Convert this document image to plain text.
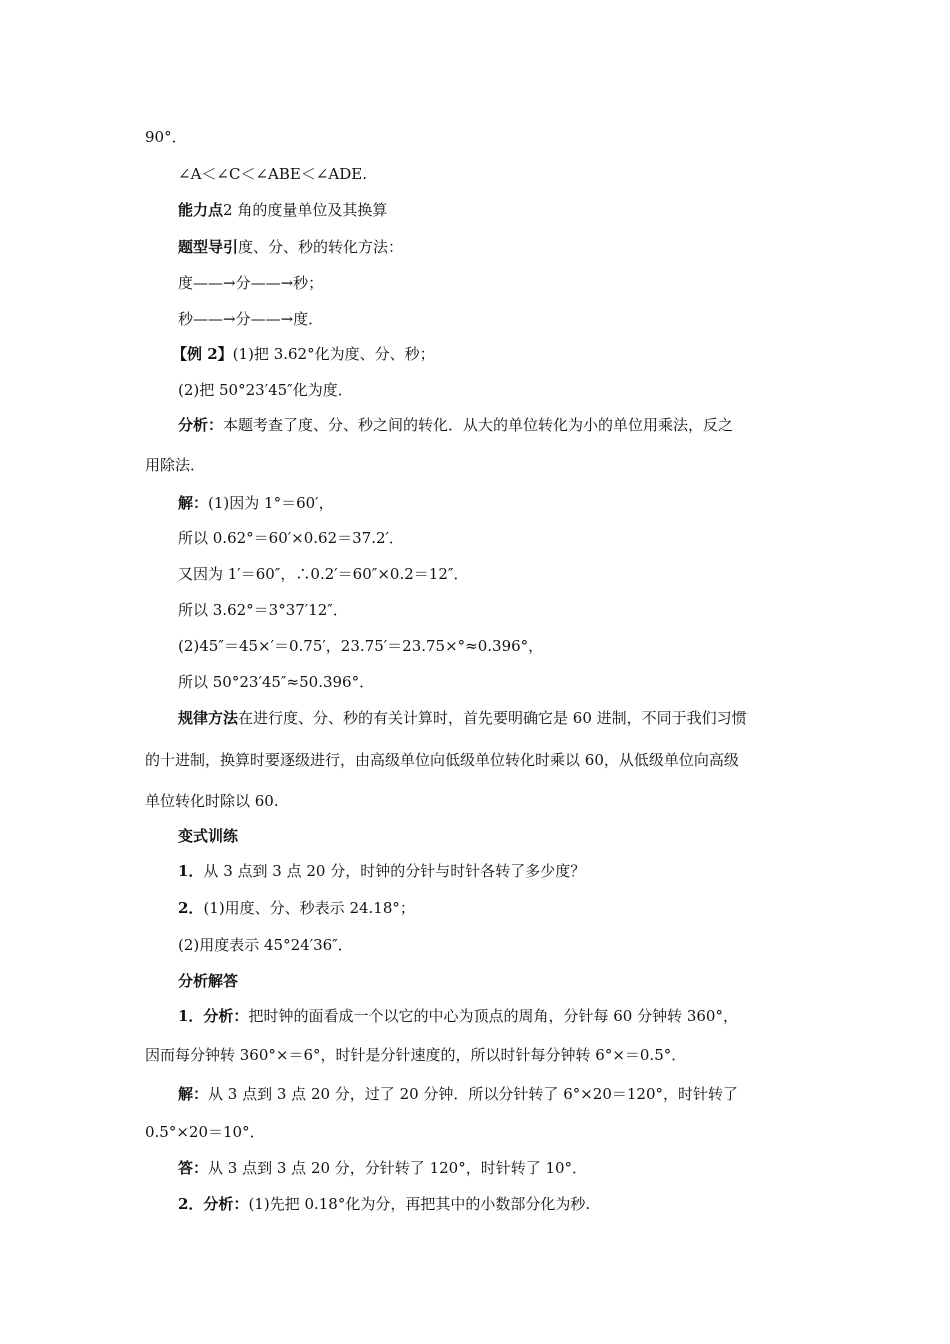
90°．
∠A＜∠C＜∠ABE＜∠ADE.
能力点2 角的度量单位及其换算
题型导引度、分、秒的转化方法：
度——→分——→秒；
秒——→分——→度．
【例 2】(1)把 3.62°化为度、分、秒；
(2)把 50°23′45″化为度．
分析：本题考查了度、分、秒之间的转化．从大的单位转化为小的单位用乘法，反之
用除法．
解：(1)因为 1°＝60′，
所以 0.62°＝60′×0.62＝37.2′．
又因为 1′＝60″，∴0.2′＝60″×0.2＝12″．
所以 3.62°＝3°37′12″．
(2)45″＝45×′＝0.75′，23.75′＝23.75×°≈0.396°，
所以 50°23′45″≈50.396°．
规律方法在进行度、分、秒的有关计算时，首先要明确它是 60 进制，不同于我们习惯
的十进制，换算时要逐级进行，由高级单位向低级单位转化时乘以 60，从低级单位向高级
单位转化时除以 60.
变式训练
1．从 3 点到 3 点 20 分，时钟的分针与时针各转了多少度？
2．(1)用度、分、秒表示 24.18°；
(2)用度表示 45°24′36″．
分析解答
1．分析：把时钟的面看成一个以它的中心为顶点的周角，分针每 60 分钟转 360°，
因而每分钟转 360°×＝6°，时针是分针速度的，所以时针每分钟转 6°×＝0.5°．
解：从 3 点到 3 点 20 分，过了 20 分钟．所以分针转了 6°×20＝120°，时针转了
0.5°×20＝10°．
答：从 3 点到 3 点 20 分，分针转了 120°，时针转了 10°．
2．分析：(1)先把 0.18°化为分，再把其中的小数部分化为秒.
